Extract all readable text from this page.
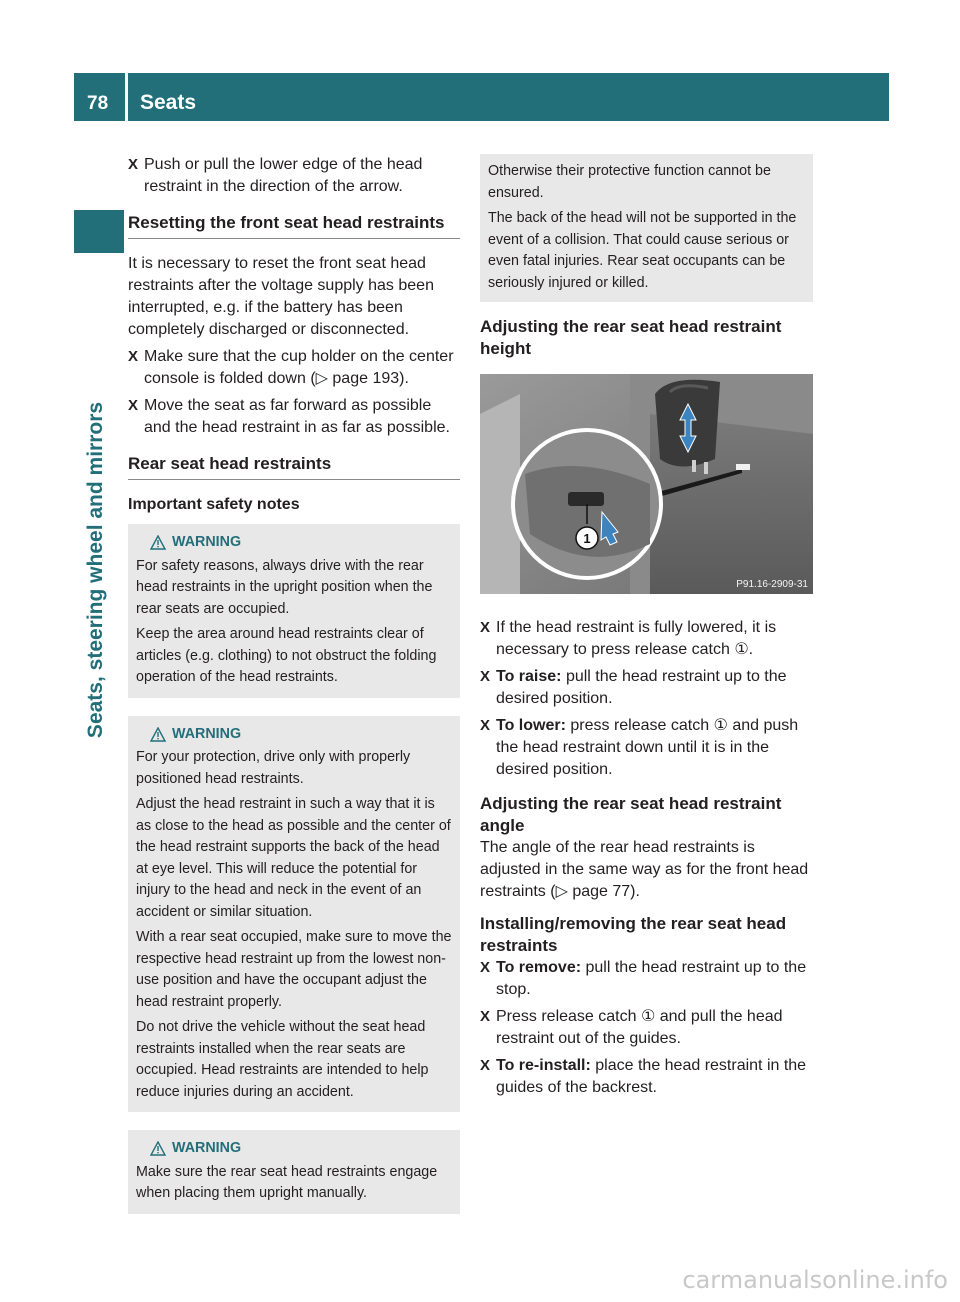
78 Seats
Seats, steering wheel and mirrors
X Push or pull the lower edge of the head restraint in the direction of the arrow.
Resetting the front seat head restraints

It is necessary to reset the front seat head restraints after the voltage supply has been interrupted, e.g. if the battery has been completely discharged or disconnected.

X Make sure that the cup holder on the center console is folded down (▷ page 193).
X Move the seat as far forward as possible and the head restraint in as far as possible.
Rear seat head restraints
Important safety notes
WARNING

For safety reasons, always drive with the rear head restraints in the upright position when the rear seats are occupied.

Keep the area around head restraints clear of articles (e.g. clothing) to not obstruct the folding operation of the head restraints.

WARNING

For your protection, drive only with properly positioned head restraints.

Adjust the head restraint in such a way that it is as close to the head as possible and the center of the head restraint supports the back of the head at eye level. This will reduce the potential for injury to the head and neck in the event of an accident or similar situation.

With a rear seat occupied, make sure to move the respective head restraint up from the lowest non-use position and have the occupant adjust the head restraint properly.

Do not drive the vehicle without the seat head restraints installed when the rear seats are occupied. Head restraints are intended to help reduce injuries during an accident.

WARNING

Make sure the rear seat head restraints engage when placing them upright manually.

Otherwise their protective function cannot be ensured.

The back of the head will not be supported in the event of a collision. That could cause serious or even fatal injuries. Rear seat occupants can be seriously injured or killed.

Adjusting the rear seat head restraint height
1
P91.16-2909-31
X If the head restraint is fully lowered, it is necessary to press release catch ①.
X To raise: pull the head restraint up to the desired position.
X To lower: press release catch ① and push the head restraint down until it is in the desired position.
Adjusting the rear seat head restraint angle

The angle of the rear head restraints is adjusted in the same way as for the front head restraints (▷ page 77).

Installing/removing the rear seat head restraints
X To remove: pull the head restraint up to the stop.
X Press release catch ① and pull the head restraint out of the guides.
X To re-install: place the head restraint in the guides of the backrest.
carmanualsonline.info
